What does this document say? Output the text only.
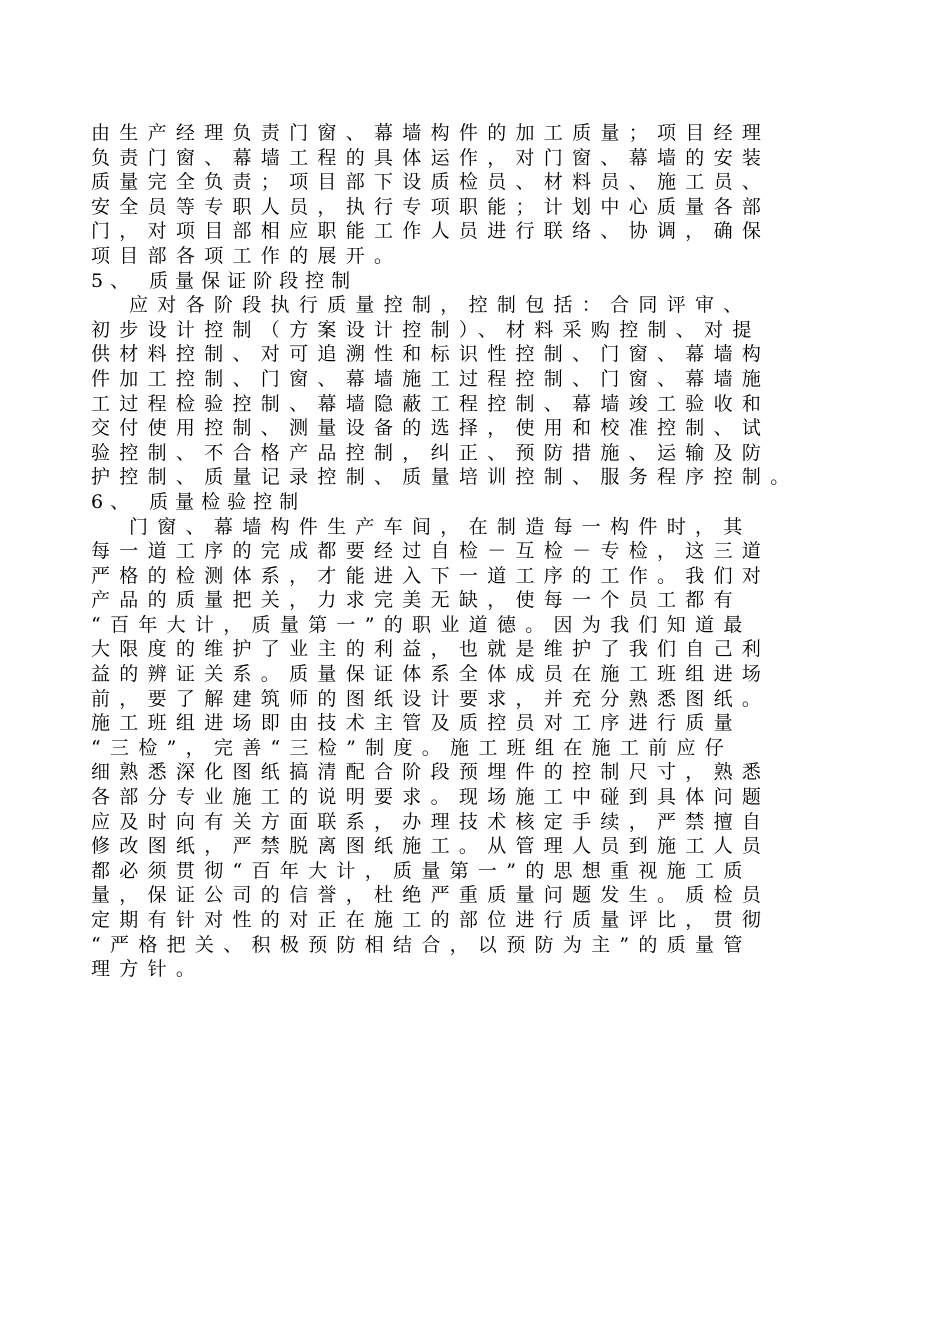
由生产经理负责门窗、幕墙构件的加工质量；项目经理
负责门窗、幕墙工程的具体运作，对门窗、幕墙的安装
质量完全负责；项目部下设质检员、材料员、施工员、
安全员等专职人员，执行专项职能；计划中心质量各部
门，对项目部相应职能工作人员进行联络、协调，确保
项目部各项工作的展开。
5、 质量保证阶段控制
应对各阶段执行质量控制，控制包括：合同评审、
初步设计控制（方案设计控制）、材料采购控制、对提
供材料控制、对可追溯性和标识性控制、门窗、幕墙构
件加工控制、门窗、幕墙施工过程控制、门窗、幕墙施
工过程检验控制、幕墙隐蔽工程控制、幕墙竣工验收和
交付使用控制、测量设备的选择，使用和校准控制、试
验控制、不合格产品控制，纠正、预防措施、运输及防
护控制、质量记录控制、质量培训控制、服务程序控制。
6、 质量检验控制
门窗、幕墙构件生产车间，在制造每一构件时，其
每一道工序的完成都要经过自检－互检－专检，这三道
严格的检测体系，才能进入下一道工序的工作。我们对
产品的质量把关，力求完美无缺，使每一个员工都有
“百年大计，质量第一”的职业道德。因为我们知道最
大限度的维护了业主的利益，也就是维护了我们自己利
益的辨证关系。质量保证体系全体成员在施工班组进场
前，要了解建筑师的图纸设计要求，并充分熟悉图纸。
施工班组进场即由技术主管及质控员对工序进行质量
“三检”，完善“三检”制度。施工班组在施工前应仔
细熟悉深化图纸搞清配合阶段预埋件的控制尺寸，熟悉
各部分专业施工的说明要求。现场施工中碰到具体问题
应及时向有关方面联系，办理技术核定手续，严禁擅自
修改图纸，严禁脱离图纸施工。从管理人员到施工人员
都必须贯彻“百年大计，质量第一”的思想重视施工质
量，保证公司的信誉，杜绝严重质量问题发生。质检员
定期有针对性的对正在施工的部位进行质量评比，贯彻
“严格把关、积极预防相结合，以预防为主”的质量管
理方针。
